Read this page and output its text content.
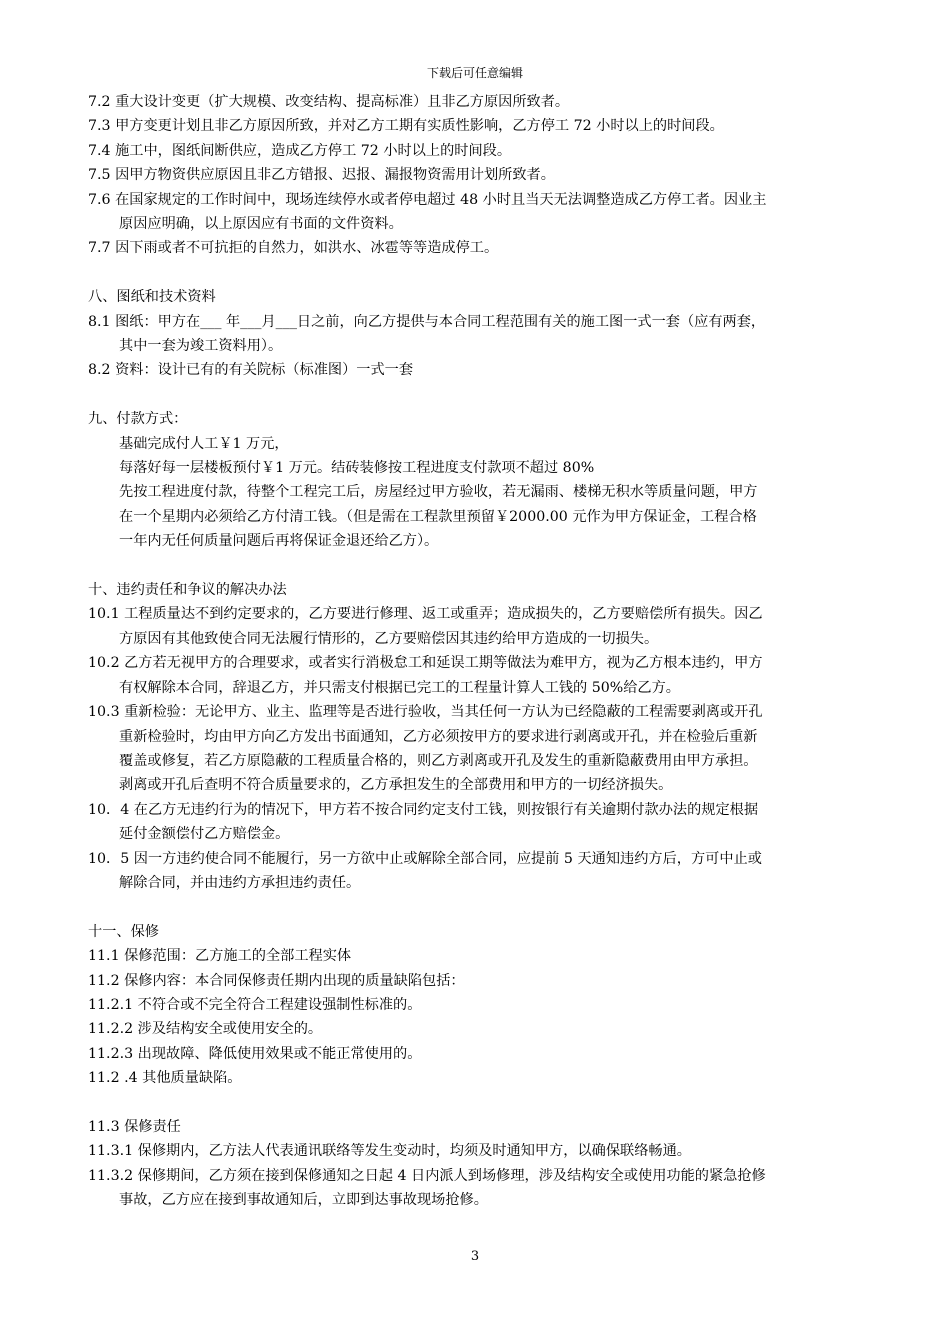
下载后可任意编辑
7.2 重大设计变更（扩大规模、改变结构、提高标准）且非乙方原因所致者。
7.3 甲方变更计划且非乙方原因所致，并对乙方工期有实质性影响，乙方停工 72 小时以上的时间段。
7.4 施工中，图纸间断供应，造成乙方停工 72 小时以上的时间段。
7.5 因甲方物资供应原因且非乙方错报、迟报、漏报物资需用计划所致者。
7.6 在国家规定的工作时间中，现场连续停水或者停电超过 48 小时且当天无法调整造成乙方停工者。因业主
原因应明确，以上原因应有书面的文件资料。
7.7 因下雨或者不可抗拒的自然力，如洪水、冰雹等等造成停工。
八、图纸和技术资料
8.1 图纸：甲方在___ 年___月___日之前，向乙方提供与本合同工程范围有关的施工图一式一套（应有两套，
其中一套为竣工资料用）。
8.2 资料：设计已有的有关院标（标准图）一式一套
九、付款方式：
基础完成付人工￥1 万元，
每落好每一层楼板预付￥1 万元。结砖装修按工程进度支付款项不超过 80%
先按工程进度付款，待整个工程完工后，房屋经过甲方验收，若无漏雨、楼梯无积水等质量问题，甲方
在一个星期内必须给乙方付清工钱。（但是需在工程款里预留￥2000.00 元作为甲方保证金，工程合格
一年内无任何质量问题后再将保证金退还给乙方）。
十、违约责任和争议的解决办法
10.1 工程质量达不到约定要求的，乙方要进行修理、返工或重弄；造成损失的，乙方要赔偿所有损失。因乙
方原因有其他致使合同无法履行情形的，乙方要赔偿因其违约给甲方造成的一切损失。
10.2 乙方若无视甲方的合理要求，或者实行消极怠工和延误工期等做法为难甲方，视为乙方根本违约，甲方
有权解除本合同，辞退乙方，并只需支付根据已完工的工程量计算人工钱的 50%给乙方。
10.3 重新检验：无论甲方、业主、监理等是否进行验收，当其任何一方认为已经隐蔽的工程需要剥离或开孔
重新检验时，均由甲方向乙方发出书面通知，乙方必须按甲方的要求进行剥离或开孔，并在检验后重新
覆盖或修复，若乙方原隐蔽的工程质量合格的，则乙方剥离或开孔及发生的重新隐蔽费用由甲方承担。
剥离或开孔后查明不符合质量要求的，乙方承担发生的全部费用和甲方的一切经济损失。
10．4 在乙方无违约行为的情况下，甲方若不按合同约定支付工钱，则按银行有关逾期付款办法的规定根据
延付金额偿付乙方赔偿金。
10．5 因一方违约使合同不能履行，另一方欲中止或解除全部合同，应提前 5 天通知违约方后，方可中止或
解除合同，并由违约方承担违约责任。
十一、保修
11.1 保修范围：乙方施工的全部工程实体
11.2 保修内容：本合同保修责任期内出现的质量缺陷包括：
11.2.1 不符合或不完全符合工程建设强制性标准的。
11.2.2 涉及结构安全或使用安全的。
11.2.3 出现故障、降低使用效果或不能正常使用的。
11.2 .4 其他质量缺陷。
11.3 保修责任
11.3.1 保修期内，乙方法人代表通讯联络等发生变动时，均须及时通知甲方，以确保联络畅通。
11.3.2 保修期间，乙方须在接到保修通知之日起 4 日内派人到场修理，涉及结构安全或使用功能的紧急抢修
事故，乙方应在接到事故通知后，立即到达事故现场抢修。
3
